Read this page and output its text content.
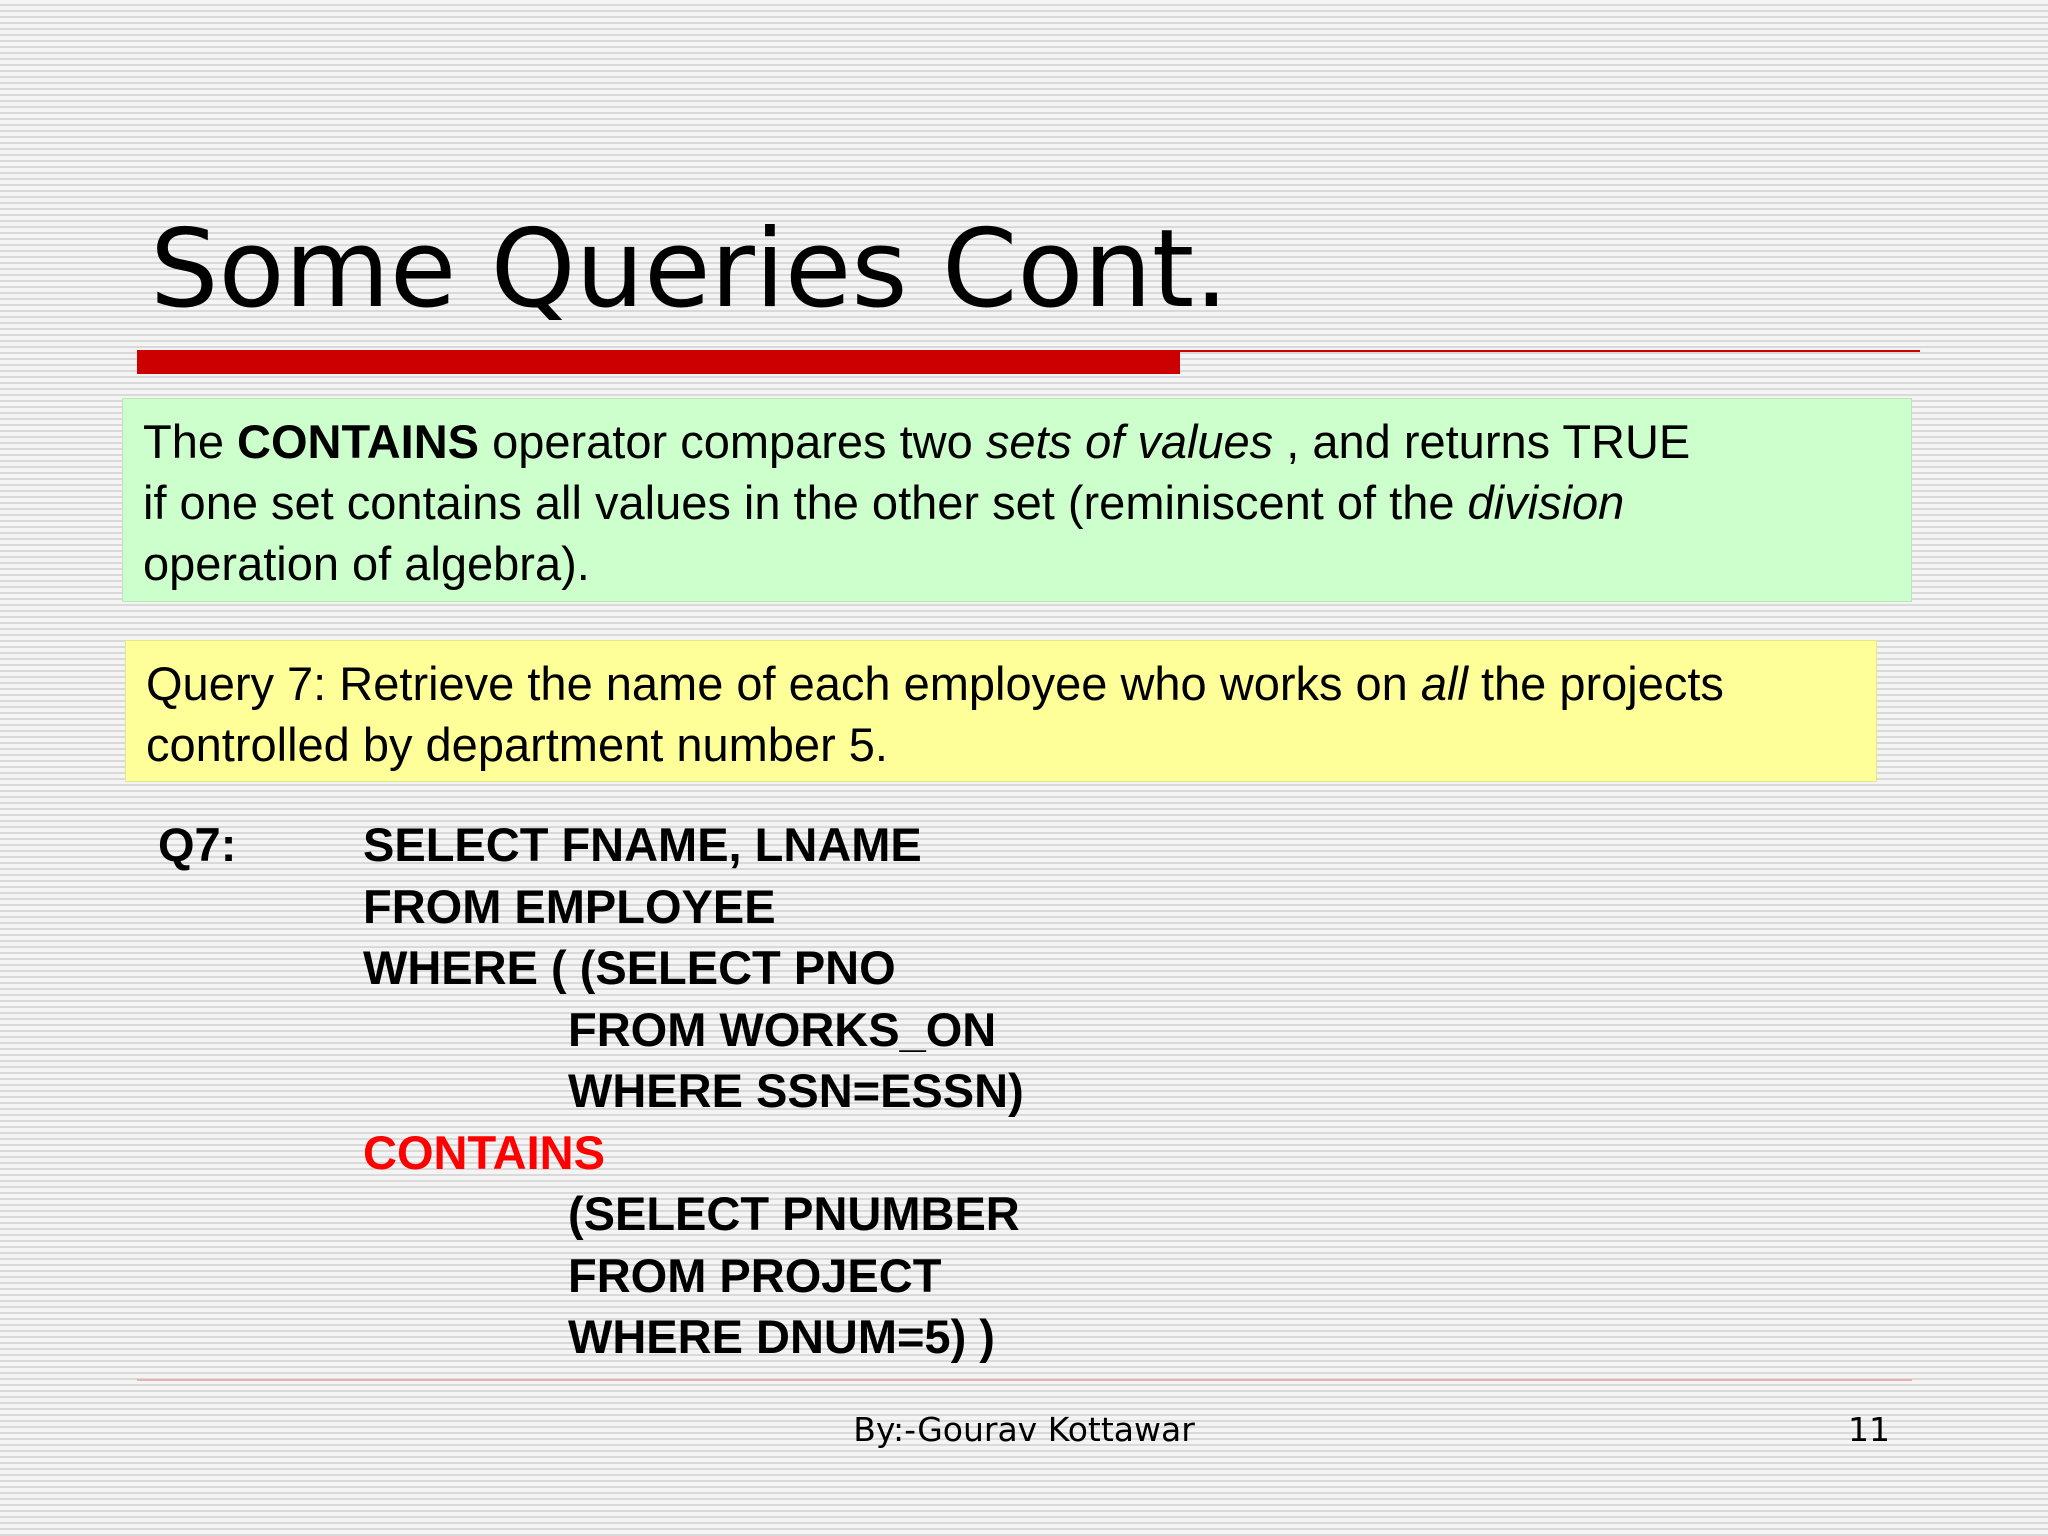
Some Queries Cont.
The CONTAINS operator compares two sets of values , and returns TRUE
if one set contains all values in the other set (reminiscent of the division
operation of algebra).
Query 7: Retrieve the name of each employee who works on all the projects
controlled by department number 5.
Q7:	SELECT FNAME, LNAME
FROM EMPLOYEE
WHERE ( (SELECT PNO
FROM WORKS_ON
WHERE SSN=ESSN)
CONTAINS
(SELECT PNUMBER
FROM PROJECT
WHERE DNUM=5) )
By:-Gourav Kottawar	11
